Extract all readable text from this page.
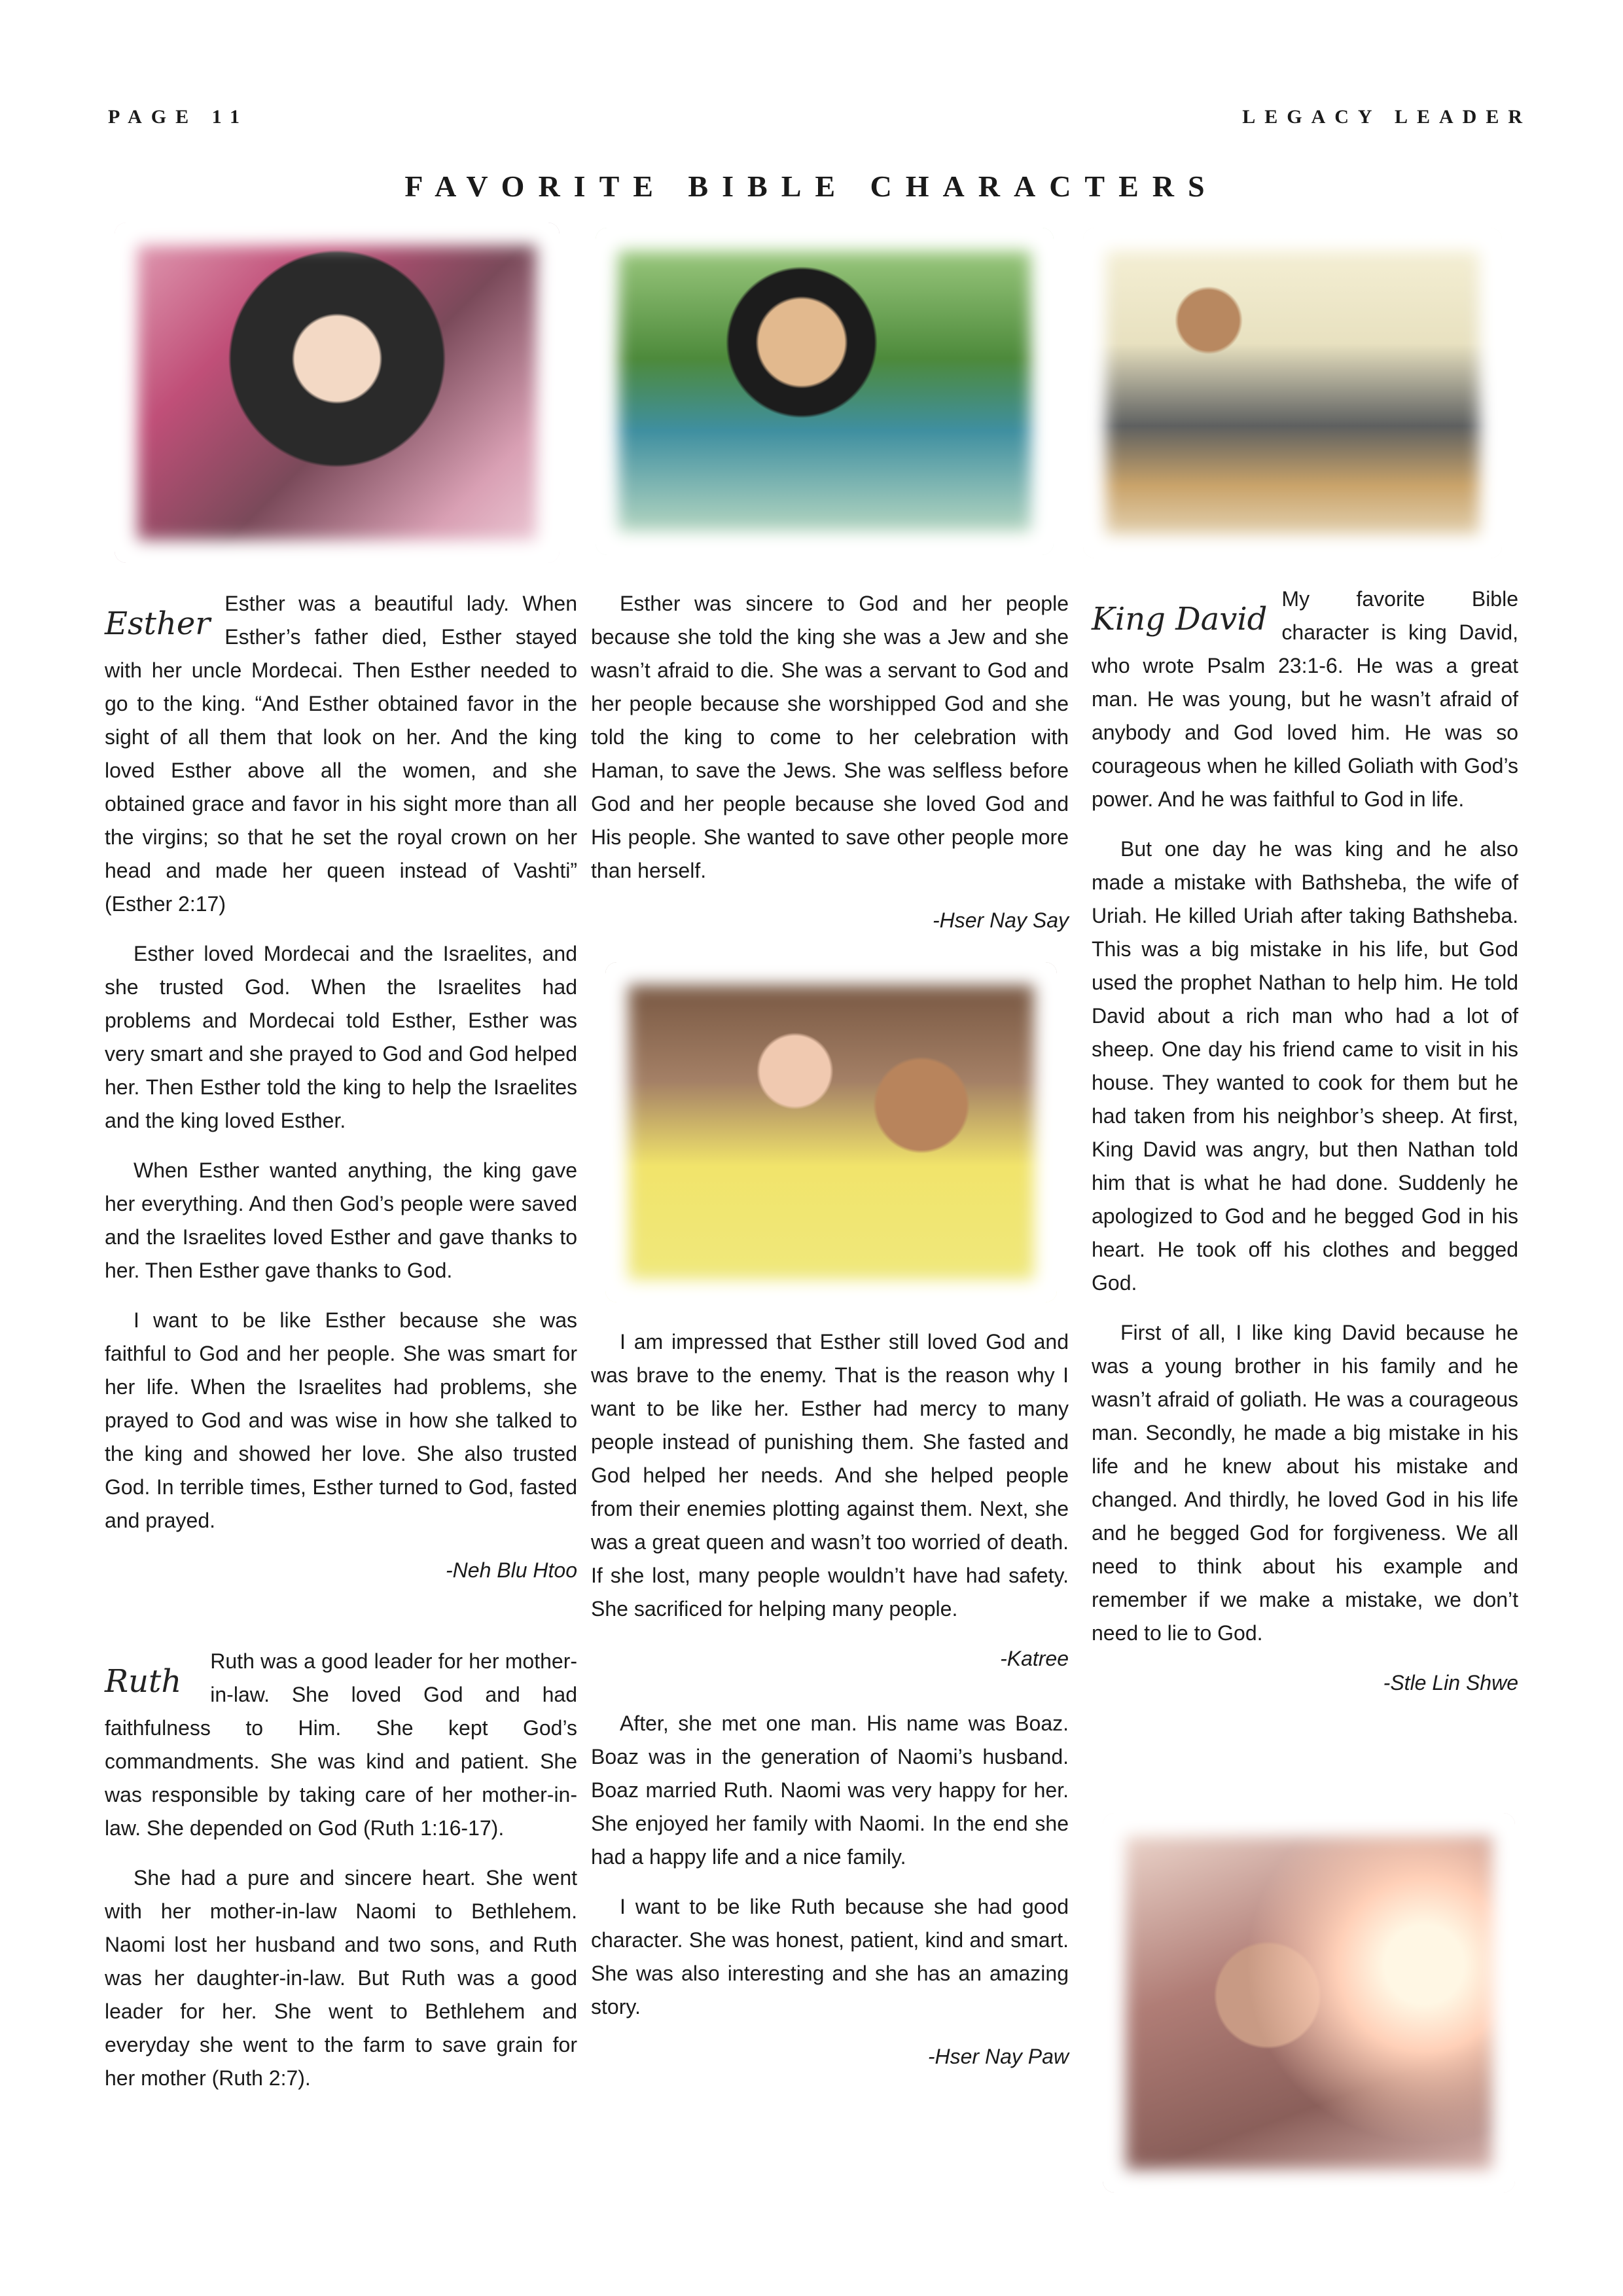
PAGE 11	LEGACY LEADER
FAVORITE BIBLE CHARACTERS
Esther

Esther was a beautiful lady. When Esther’s father died, Esther stayed with her uncle Mordecai. Then Esther needed to go to the king. “And Esther obtained favor in the sight of all them that look on her. And the king loved Esther above all the women, and she obtained grace and favor in his sight more than all the virgins; so that he set the royal crown on her head and made her queen instead of Vashti” (Esther 2:17)

Esther loved Mordecai and the Israelites, and she trusted God. When the Israelites had problems and Mordecai told Esther, Esther was very smart and she prayed to God and God helped her. Then Esther told the king to help the Israelites and the king loved Esther.

When Esther wanted anything, the king gave her everything. And then God’s people were saved and the Israelites loved Esther and gave thanks to her. Then Esther gave thanks to God.

I want to be like Esther because she was faithful to God and her people. She was smart for her life. When the Israelites had problems, she prayed to God and was wise in how she talked to the king and showed her love. She also trusted God. In terrible times, Esther turned to God, fasted and prayed.

-Neh Blu Htoo
Ruth

Ruth was a good leader for her mother-in-law. She loved God and had faithfulness to Him. She kept God’s commandments. She was kind and patient. She was responsible by taking care of her mother-in-law. She depended on God (Ruth 1:16-17).

She had a pure and sincere heart. She went with her mother-in-law Naomi to Bethlehem. Naomi lost her husband and two sons, and Ruth was her daughter-in-law. But Ruth was a good leader for her. She went to Bethlehem and everyday she went to the farm to save grain for her mother (Ruth 2:7).

Esther was sincere to God and her people because she told the king she was a Jew and she wasn’t afraid to die. She was a servant to God and her people because she worshipped God and she told the king to come to her celebration with Haman, to save the Jews. She was selfless before God and her people because she loved God and His people. She wanted to save other people more than herself.

-Hser Nay Say

I am impressed that Esther still loved God and was brave to the enemy. That is the reason why I want to be like her. Esther had mercy to many people instead of punishing them. She fasted and God helped her needs. And she helped people from their enemies plotting against them. Next, she was a great queen and wasn’t too worried of death. If she lost, many people wouldn’t have had safety. She sacrificed for helping many people.

-Katree

After, she met one man. His name was Boaz. Boaz was in the generation of Naomi’s husband. Boaz married Ruth. Naomi was very happy for her. She enjoyed her family with Naomi. In the end she had a happy life and a nice family.

I want to be like Ruth because she had good character. She was honest, patient, kind and smart. She was also interesting and she has an amazing story.

-Hser Nay Paw
King David

My favorite Bible character is king David, who wrote Psalm 23:1-6. He was a great man. He was young, but he wasn’t afraid of anybody and God loved him. He was so courageous when he killed Goliath with God’s power. And he was faithful to God in life.

But one day he was king and he also made a mistake with Bathsheba, the wife of Uriah. He killed Uriah after taking Bathsheba. This was a big mistake in his life, but God used the prophet Nathan to help him. He told David about a rich man who had a lot of sheep. One day his friend came to visit in his house. They wanted to cook for them but he had taken from his neighbor’s sheep. At first, King David was angry, but then Nathan told him that is what he had done. Suddenly he apologized to God and he begged God in his heart. He took off his clothes and begged God.

First of all, I like king David because he was a young brother in his family and he wasn’t afraid of goliath. He was a courageous man. Secondly, he made a big mistake in his life and he knew about his mistake and changed. And thirdly, he loved God in his life and he begged God for forgiveness. We all need to think about his example and remember if we make a mistake, we don’t need to lie to God.

-Stle Lin Shwe
